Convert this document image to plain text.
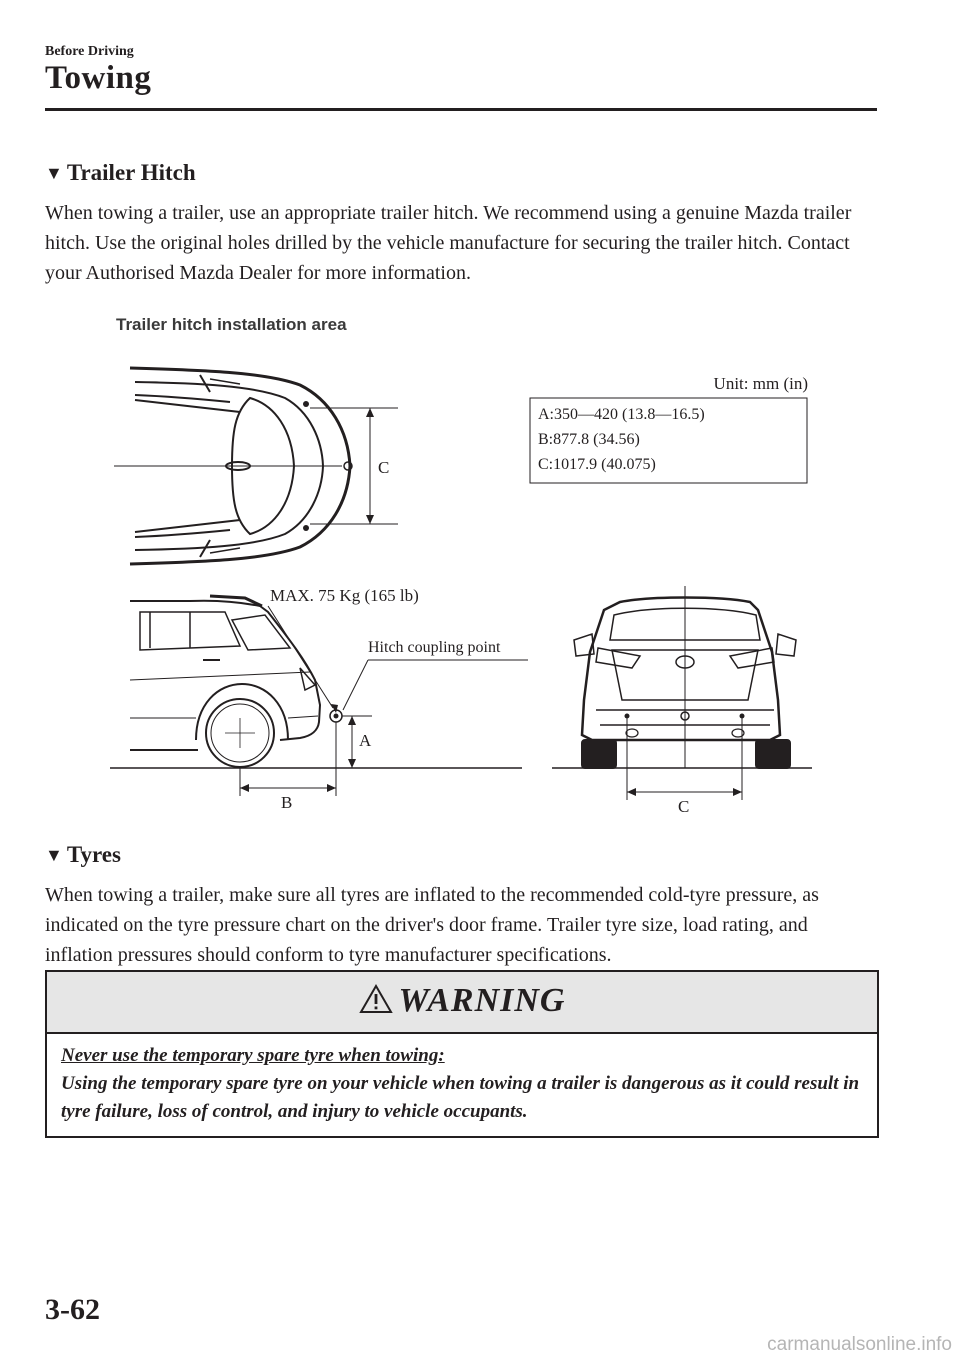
Before Driving
Towing
▼ Trailer Hitch
When towing a trailer, use an appropriate trailer hitch. We recommend using a genuine Mazda trailer hitch. Use the original holes drilled by the vehicle manufacture for securing the trailer hitch. Contact your Authorised Mazda Dealer for more information.
Trailer hitch installation area
C
Unit: mm (in)
A:350—420 (13.8—16.5)
B:877.8 (34.56)
C:1017.9 (40.075)
MAX. 75 Kg (165 lb)
Hitch coupling point
A
B	C
▼ Tyres
When towing a trailer, make sure all tyres are inflated to the recommended cold-tyre pressure, as indicated on the tyre pressure chart on the driver's door frame. Trailer tyre size, load rating, and inflation pressures should conform to tyre manufacturer specifications.
WARNING
Never use the temporary spare tyre when towing:
Using the temporary spare tyre on your vehicle when towing a trailer is dangerous as it could result in tyre failure, loss of control, and injury to vehicle occupants.
3-62
carmanualsonline.info
